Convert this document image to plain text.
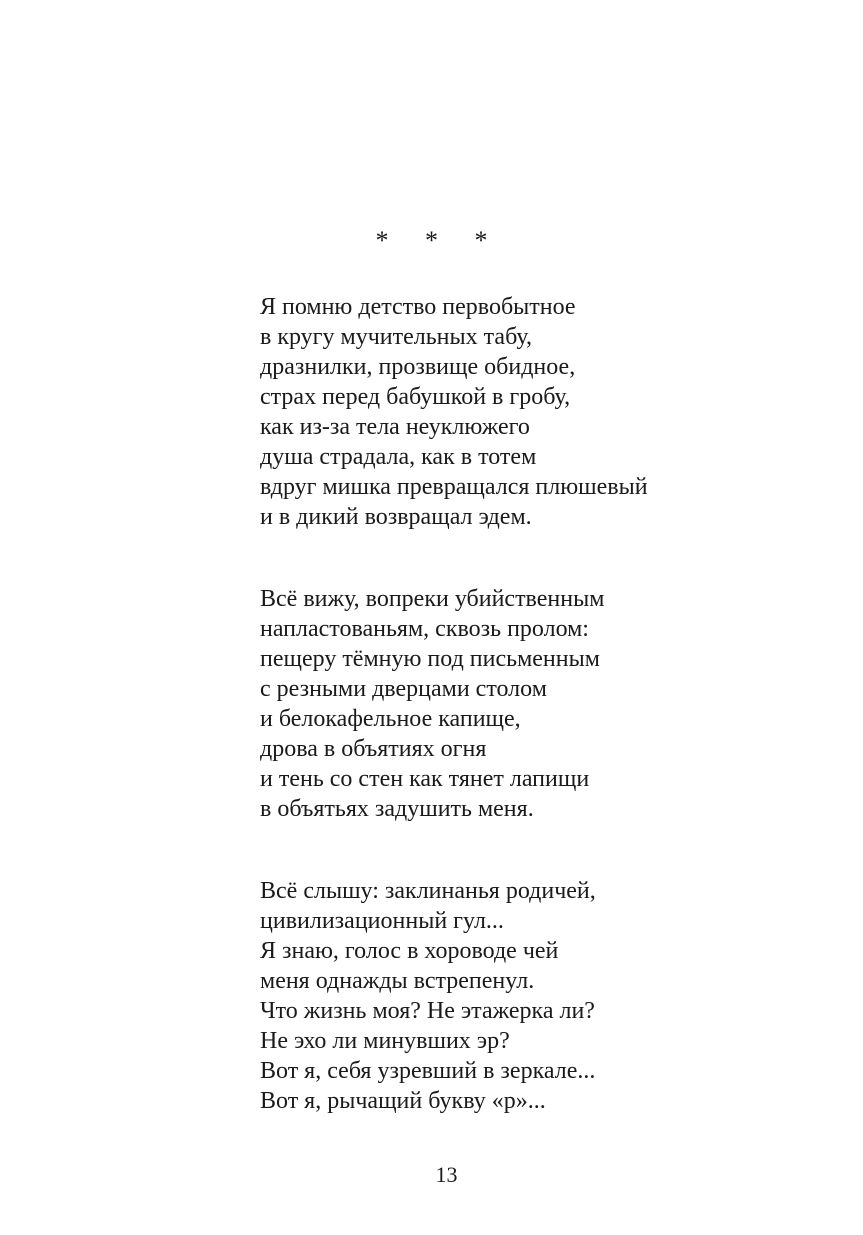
* * *
Я помню детство первобытное
в кругу мучительных табу,
дразнилки, прозвище обидное,
страх перед бабушкой в гробу,
как из-за тела неуклюжего
душа страдала, как в тотем
вдруг мишка превращался плюшевый
и в дикий возвращал эдем.
Всё вижу, вопреки убийственным
напластованьям, сквозь пролом:
пещеру тёмную под письменным
с резными дверцами столом
и белокафельное капище,
дрова в объятиях огня
и тень со стен как тянет лапищи
в объятьях задушить меня.
Всё слышу: заклинанья родичей,
цивилизационный гул...
Я знаю, голос в хороводе чей
меня однажды встрепенул.
Что жизнь моя? Не этажерка ли?
Не эхо ли минувших эр?
Вот я, себя узревший в зеркале...
Вот я, рычащий букву «р»...
13
